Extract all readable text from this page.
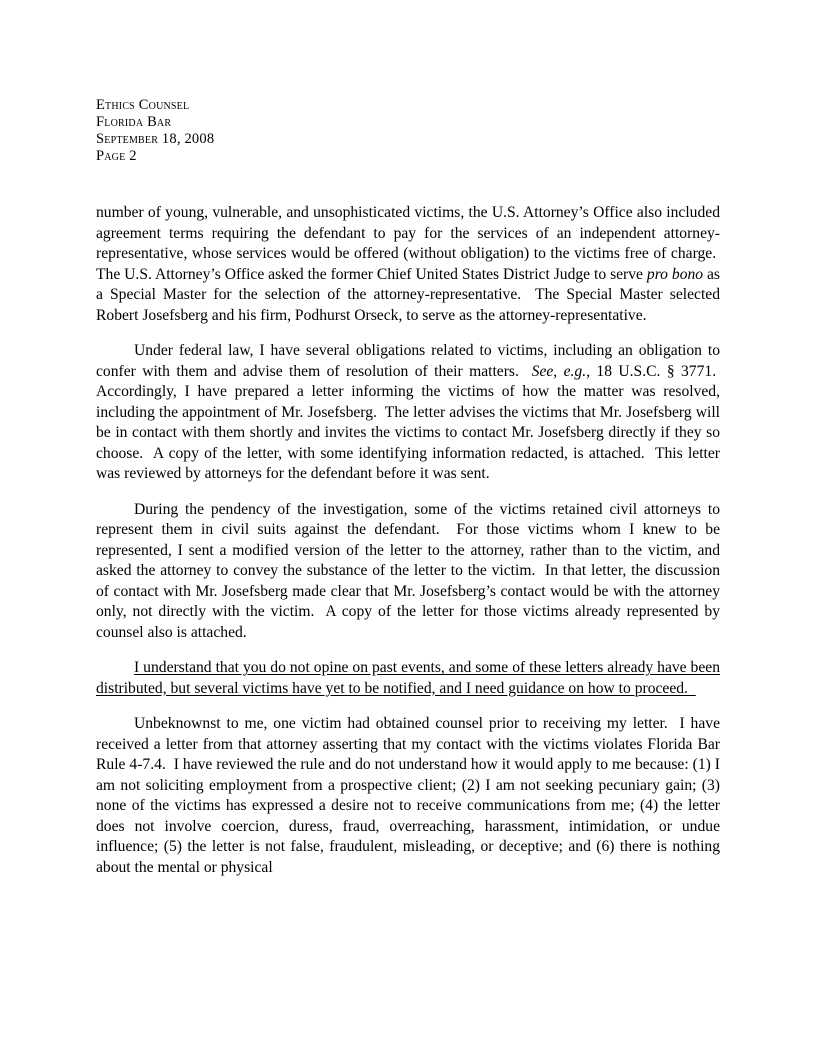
Ethics Counsel
Florida Bar
September 18, 2008
Page 2

number of young, vulnerable, and unsophisticated victims, the U.S. Attorney’s Office also included agreement terms requiring the defendant to pay for the services of an independent attorney-representative, whose services would be offered (without obligation) to the victims free of charge.  The U.S. Attorney’s Office asked the former Chief United States District Judge to serve pro bono as a Special Master for the selection of the attorney-representative.  The Special Master selected Robert Josefsberg and his firm, Podhurst Orseck, to serve as the attorney-representative.

Under federal law, I have several obligations related to victims, including an obligation to confer with them and advise them of resolution of their matters.  See, e.g., 18 U.S.C. § 3771.  Accordingly, I have prepared a letter informing the victims of how the matter was resolved, including the appointment of Mr. Josefsberg.  The letter advises the victims that Mr. Josefsberg will be in contact with them shortly and invites the victims to contact Mr. Josefsberg directly if they so choose.  A copy of the letter, with some identifying information redacted, is attached.  This letter was reviewed by attorneys for the defendant before it was sent.

During the pendency of the investigation, some of the victims retained civil attorneys to represent them in civil suits against the defendant.  For those victims whom I knew to be represented, I sent a modified version of the letter to the attorney, rather than to the victim, and asked the attorney to convey the substance of the letter to the victim.  In that letter, the discussion of contact with Mr. Josefsberg made clear that Mr. Josefsberg’s contact would be with the attorney only, not directly with the victim.  A copy of the letter for those victims already represented by counsel also is attached.

I understand that you do not opine on past events, and some of these letters already have been distributed, but several victims have yet to be notified, and I need guidance on how to proceed.

Unbeknownst to me, one victim had obtained counsel prior to receiving my letter.  I have received a letter from that attorney asserting that my contact with the victims violates Florida Bar Rule 4-7.4.  I have reviewed the rule and do not understand how it would apply to me because: (1) I am not soliciting employment from a prospective client; (2) I am not seeking pecuniary gain; (3) none of the victims has expressed a desire not to receive communications from me; (4) the letter does not involve coercion, duress, fraud, overreaching, harassment, intimidation, or undue influence; (5) the letter is not false, fraudulent, misleading, or deceptive; and (6) there is nothing about the mental or physical
